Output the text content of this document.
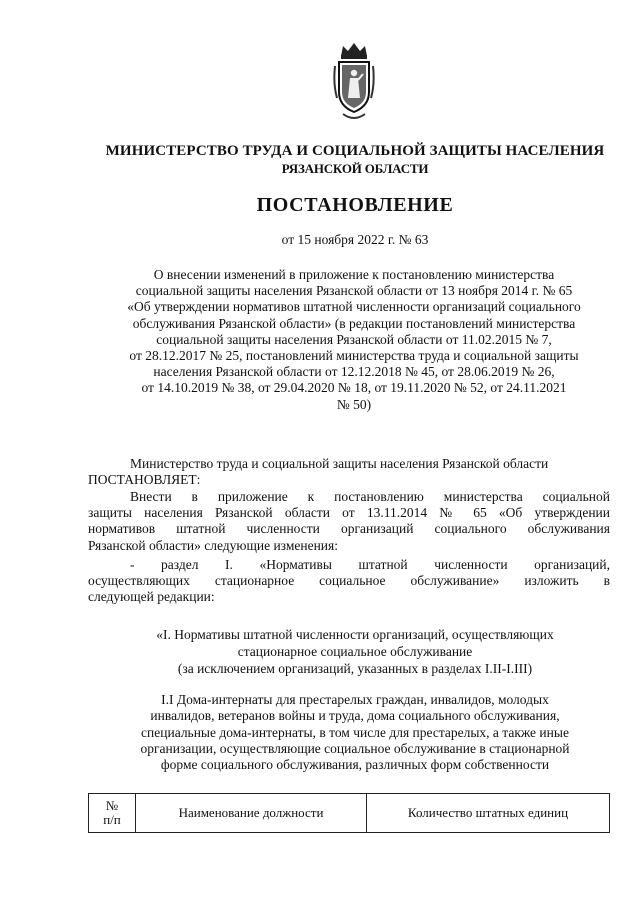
МИНИСТЕРСТВО ТРУДА И СОЦИАЛЬНОЙ ЗАЩИТЫ НАСЕЛЕНИЯ
РЯЗАНСКОЙ ОБЛАСТИ
ПОСТАНОВЛЕНИЕ
от 15 ноября 2022 г. № 63
О внесении изменений в приложение к постановлению министерства
социальной защиты населения Рязанской области от 13 ноября 2014 г. № 65
«Об утверждении нормативов штатной численности организаций социального
обслуживания Рязанской области» (в редакции постановлений министерства
социальной защиты населения Рязанской области от 11.02.2015 № 7,
от 28.12.2017 № 25, постановлений министерства труда и социальной защиты
населения Рязанской области от 12.12.2018 № 45, от 28.06.2019 № 26,
от 14.10.2019 № 38, от 29.04.2020 № 18, от 19.11.2020 № 52, от 24.11.2021
№ 50)
Министерство труда и социальной защиты населения Рязанской области
ПОСТАНОВЛЯЕТ:
Внести в приложение к постановлению министерства социальной
защиты населения Рязанской области от 13.11.2014 № 65 «Об утверждении
нормативов штатной численности организаций социального обслуживания
Рязанской области» следующие изменения:
- раздел I. «Нормативы штатной численности организаций,
осуществляющих стационарное социальное обслуживание» изложить в
следующей редакции:
«I. Нормативы штатной численности организаций, осуществляющих
стационарное социальное обслуживание
(за исключением организаций, указанных в разделах I.II-I.III)
I.I Дома-интернаты для престарелых граждан, инвалидов, молодых
инвалидов, ветеранов войны и труда, дома социального обслуживания,
специальные дома-интернаты, в том числе для престарелых, а также иные
организации, осуществляющие социальное обслуживание в стационарной
форме социального обслуживания, различных форм собственности
№
п/п	Наименование должности	Количество штатных единиц
